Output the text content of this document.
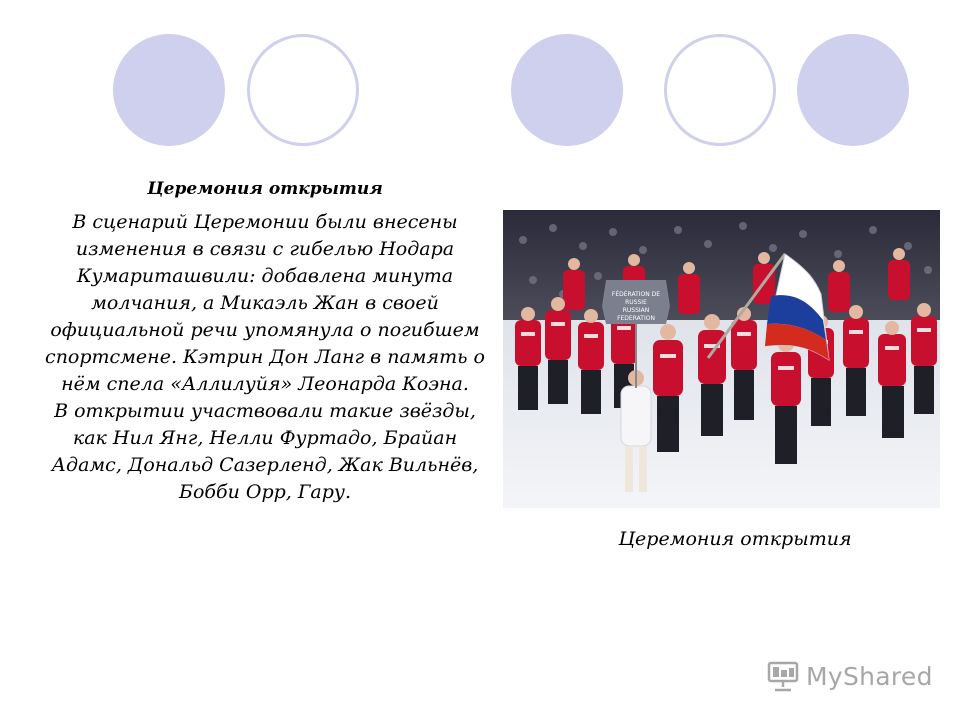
Церемония открытия

В сценарий Церемонии были внесены изменения в связи с гибелью Нодара Кумариташвили: добавлена минута молчания, а Микаэль Жан в своей официальной речи упомянула о погибшем спортсмене. Кэтрин Дон Ланг в память о нём спела «Аллилуйя» Леонарда Коэна.

В открытии участвовали такие звёзды, как Нил Янг, Нелли Фуртадо, Брайан Адамс, Дональд Сазерленд, Жак Вильнёв, Бобби Орр, Гару.

FÉDÉRATION DE
RUSSIE
RUSSIAN
FEDERATION
Церемония открытия
MyShared
